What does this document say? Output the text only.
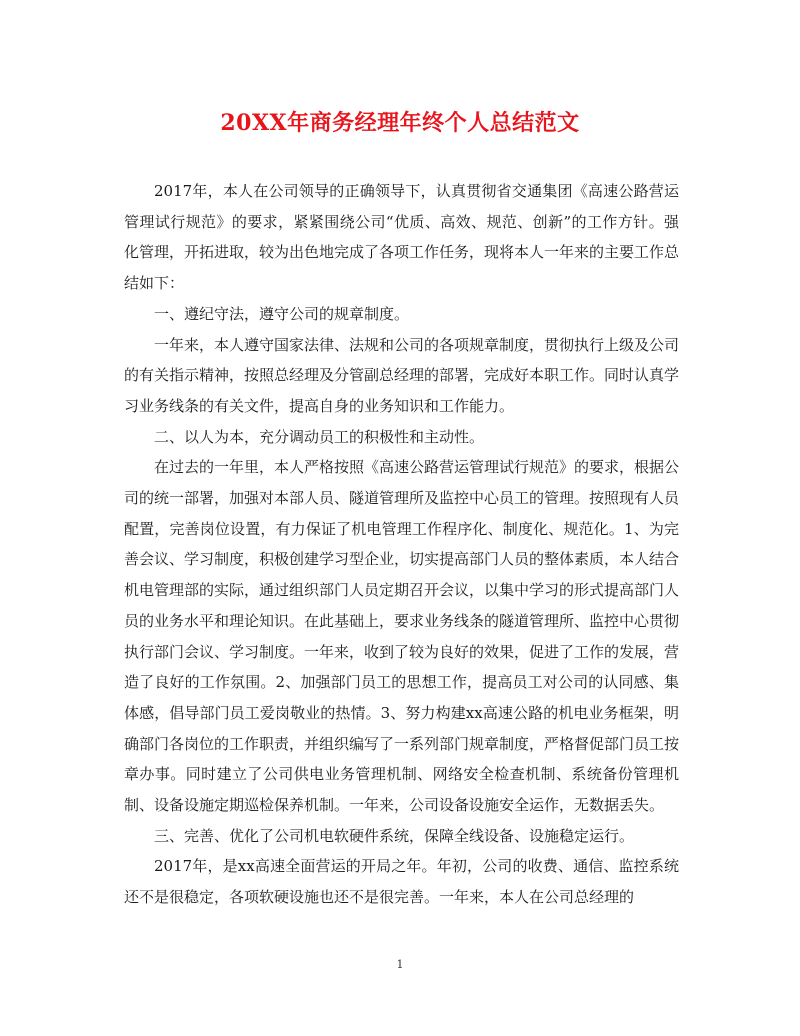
20XX年商务经理年终个人总结范文

2017年，本人在公司领导的正确领导下，认真贯彻省交通集团《高速公路营运管理试行规范》的要求，紧紧围绕公司“优质、高效、规范、创新”的工作方针。强化管理，开拓进取，较为出色地完成了各项工作任务，现将本人一年来的主要工作总结如下：

一、遵纪守法，遵守公司的规章制度。

一年来，本人遵守国家法律、法规和公司的各项规章制度，贯彻执行上级及公司的有关指示精神，按照总经理及分管副总经理的部署，完成好本职工作。同时认真学习业务线条的有关文件，提高自身的业务知识和工作能力。

二、以人为本，充分调动员工的积极性和主动性。

在过去的一年里，本人严格按照《高速公路营运管理试行规范》的要求，根据公司的统一部署，加强对本部人员、隧道管理所及监控中心员工的管理。按照现有人员配置，完善岗位设置，有力保证了机电管理工作程序化、制度化、规范化。1、为完善会议、学习制度，积极创建学习型企业，切实提高部门人员的整体素质，本人结合机电管理部的实际，通过组织部门人员定期召开会议，以集中学习的形式提高部门人员的业务水平和理论知识。在此基础上，要求业务线条的隧道管理所、监控中心贯彻执行部门会议、学习制度。一年来，收到了较为良好的效果，促进了工作的发展，营造了良好的工作氛围。2、加强部门员工的思想工作，提高员工对公司的认同感、集体感，倡导部门员工爱岗敬业的热情。3、努力构建xx高速公路的机电业务框架，明确部门各岗位的工作职责，并组织编写了一系列部门规章制度，严格督促部门员工按章办事。同时建立了公司供电业务管理机制、网络安全检查机制、系统备份管理机制、设备设施定期巡检保养机制。一年来，公司设备设施安全运作，无数据丢失。

三、完善、优化了公司机电软硬件系统，保障全线设备、设施稳定运行。

2017年，是xx高速全面营运的开局之年。年初，公司的收费、通信、监控系统还不是很稳定，各项软硬设施也还不是很完善。一年来，本人在公司总经理的

1
